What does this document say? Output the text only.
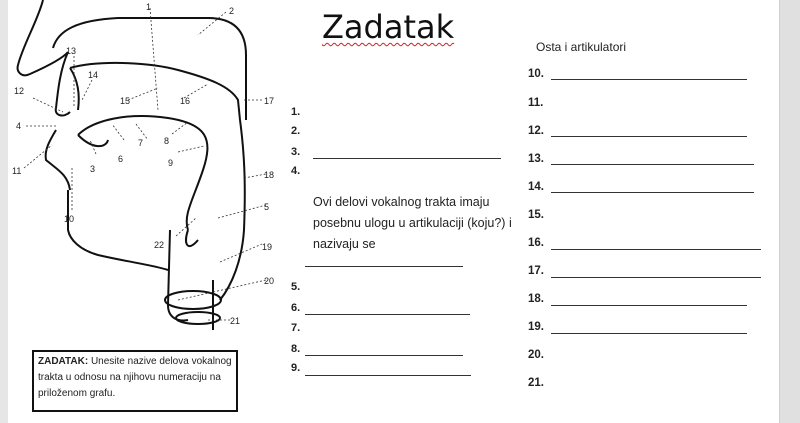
1	2
3
4
5
6
7 8
9
10
11
12
13
14
15	16	17
18
19
20
21
22
Zadatak
1.
2.
3.
4.
Ovi delovi vokalnog trakta imaju posebnu ulogu u artikulaciji (koju?) i nazivaju se
5.
6.
7.
8.
9.
Osta i artikulatori
10.
11.
12.
13.
14.
15.
16.
17.
18.
19.
20.
21.
ZADATAK: Unesite nazive delova vokalnog trakta u odnosu na njihovu numeraciju na priloženom grafu.
